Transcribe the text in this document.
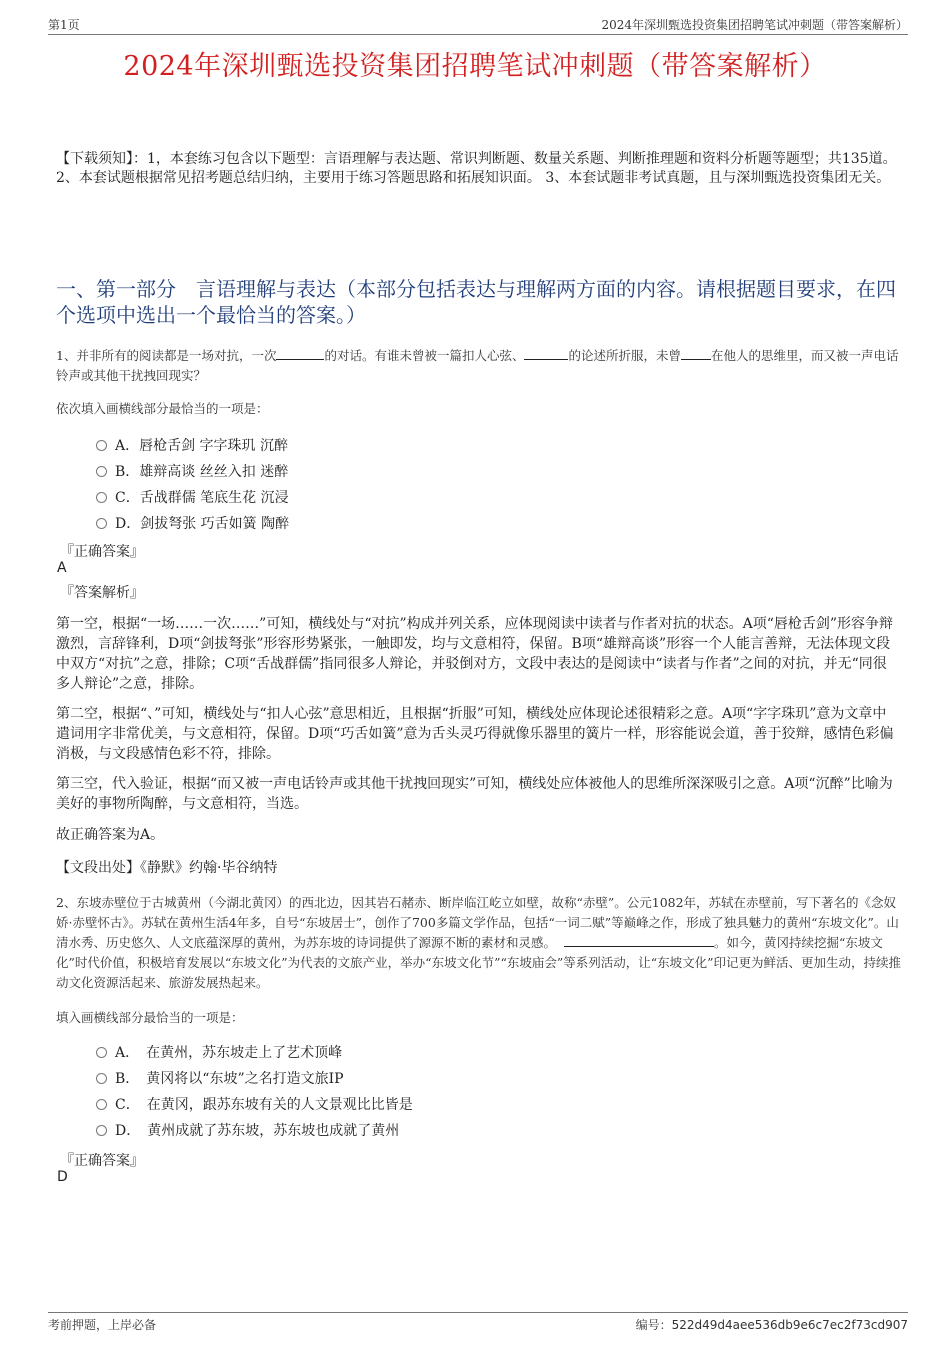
第1页	2024年深圳甄选投资集团招聘笔试冲刺题（带答案解析）
2024年深圳甄选投资集团招聘笔试冲刺题（带答案解析）
【下载须知】：1，本套练习包含以下题型：言语理解与表达题、常识判断题、数量关系题、判断推理题和资料分析题等题型；共135道。 2、本套试题根据常见招考题总结归纳，主要用于练习答题思路和拓展知识面。 3、本套试题非考试真题，且与深圳甄选投资集团无关。
一、第一部分　言语理解与表达（本部分包括表达与理解两方面的内容。请根据题目要求，在四个选项中选出一个最恰当的答案。）
1、并非所有的阅读都是一场对抗，一次	的对话。有谁未曾被一篇扣人心弦、	的论述所折服，未曾 在他人的思维里，而又被一声电话铃声或其他干扰拽回现实？
依次填入画横线部分最恰当的一项是：
A．唇枪舌剑 字字珠玑 沉醉
B．雄辩高谈 丝丝入扣 迷醉
C．舌战群儒 笔底生花 沉浸
D．剑拔弩张 巧舌如簧 陶醉
『正确答案』
A
『答案解析』
第一空，根据“一场……一次……”可知，横线处与“对抗”构成并列关系，应体现阅读中读者与作者对抗的状态。A项“唇枪舌剑”形容争辩激烈，言辞锋利，D项“剑拔弩张”形容形势紧张，一触即发，均与文意相符，保留。B项“雄辩高谈”形容一个人能言善辩，无法体现文段中双方“对抗”之意，排除；C项“舌战群儒”指同很多人辩论，并驳倒对方，文段中表达的是阅读中“读者与作者”之间的对抗，并无“同很多人辩论”之意，排除。
第二空，根据“、”可知，横线处与“扣人心弦”意思相近，且根据“折服”可知，横线处应体现论述很精彩之意。A项“字字珠玑”意为文章中遣词用字非常优美，与文意相符，保留。D项“巧舌如簧”意为舌头灵巧得就像乐器里的簧片一样，形容能说会道，善于狡辩，感情色彩偏消极，与文段感情色彩不符，排除。
第三空，代入验证，根据“而又被一声电话铃声或其他干扰拽回现实”可知，横线处应体被他人的思维所深深吸引之意。A项“沉醉”比喻为美好的事物所陶醉，与文意相符，当选。
故正确答案为A。
【文段出处】《静默》约翰·毕谷纳特
2、东坡赤壁位于古城黄州（今湖北黄冈）的西北边，因其岩石赭赤、断岸临江屹立如壁，故称“赤壁”。公元1082年，苏轼在赤壁前，写下著名的《念奴娇·赤壁怀古》。苏轼在黄州生活4年多，自号“东坡居士”，创作了700多篇文学作品，包括“一词二赋”等巅峰之作，形成了独具魅力的黄州“东坡文化”。山清水秀、历史悠久、人文底蕴深厚的黄州，为苏东坡的诗词提供了源源不断的素材和灵感。	。如今，黄冈持续挖掘“东坡文化”时代价值，积极培育发展以“东坡文化”为代表的文旅产业，举办“东坡文化节”“东坡庙会”等系列活动，让“东坡文化”印记更为鲜活、更加生动，持续推动文化资源活起来、旅游发展热起来。
填入画横线部分最恰当的一项是：
A．　在黄州，苏东坡走上了艺术顶峰
B．　黄冈将以“东坡”之名打造文旅IP
C．　在黄冈，跟苏东坡有关的人文景观比比皆是
D．　黄州成就了苏东坡，苏东坡也成就了黄州
『正确答案』
D
考前押题，上岸必备	编号：522d49d4aee536db9e6c7ec2f73cd907
